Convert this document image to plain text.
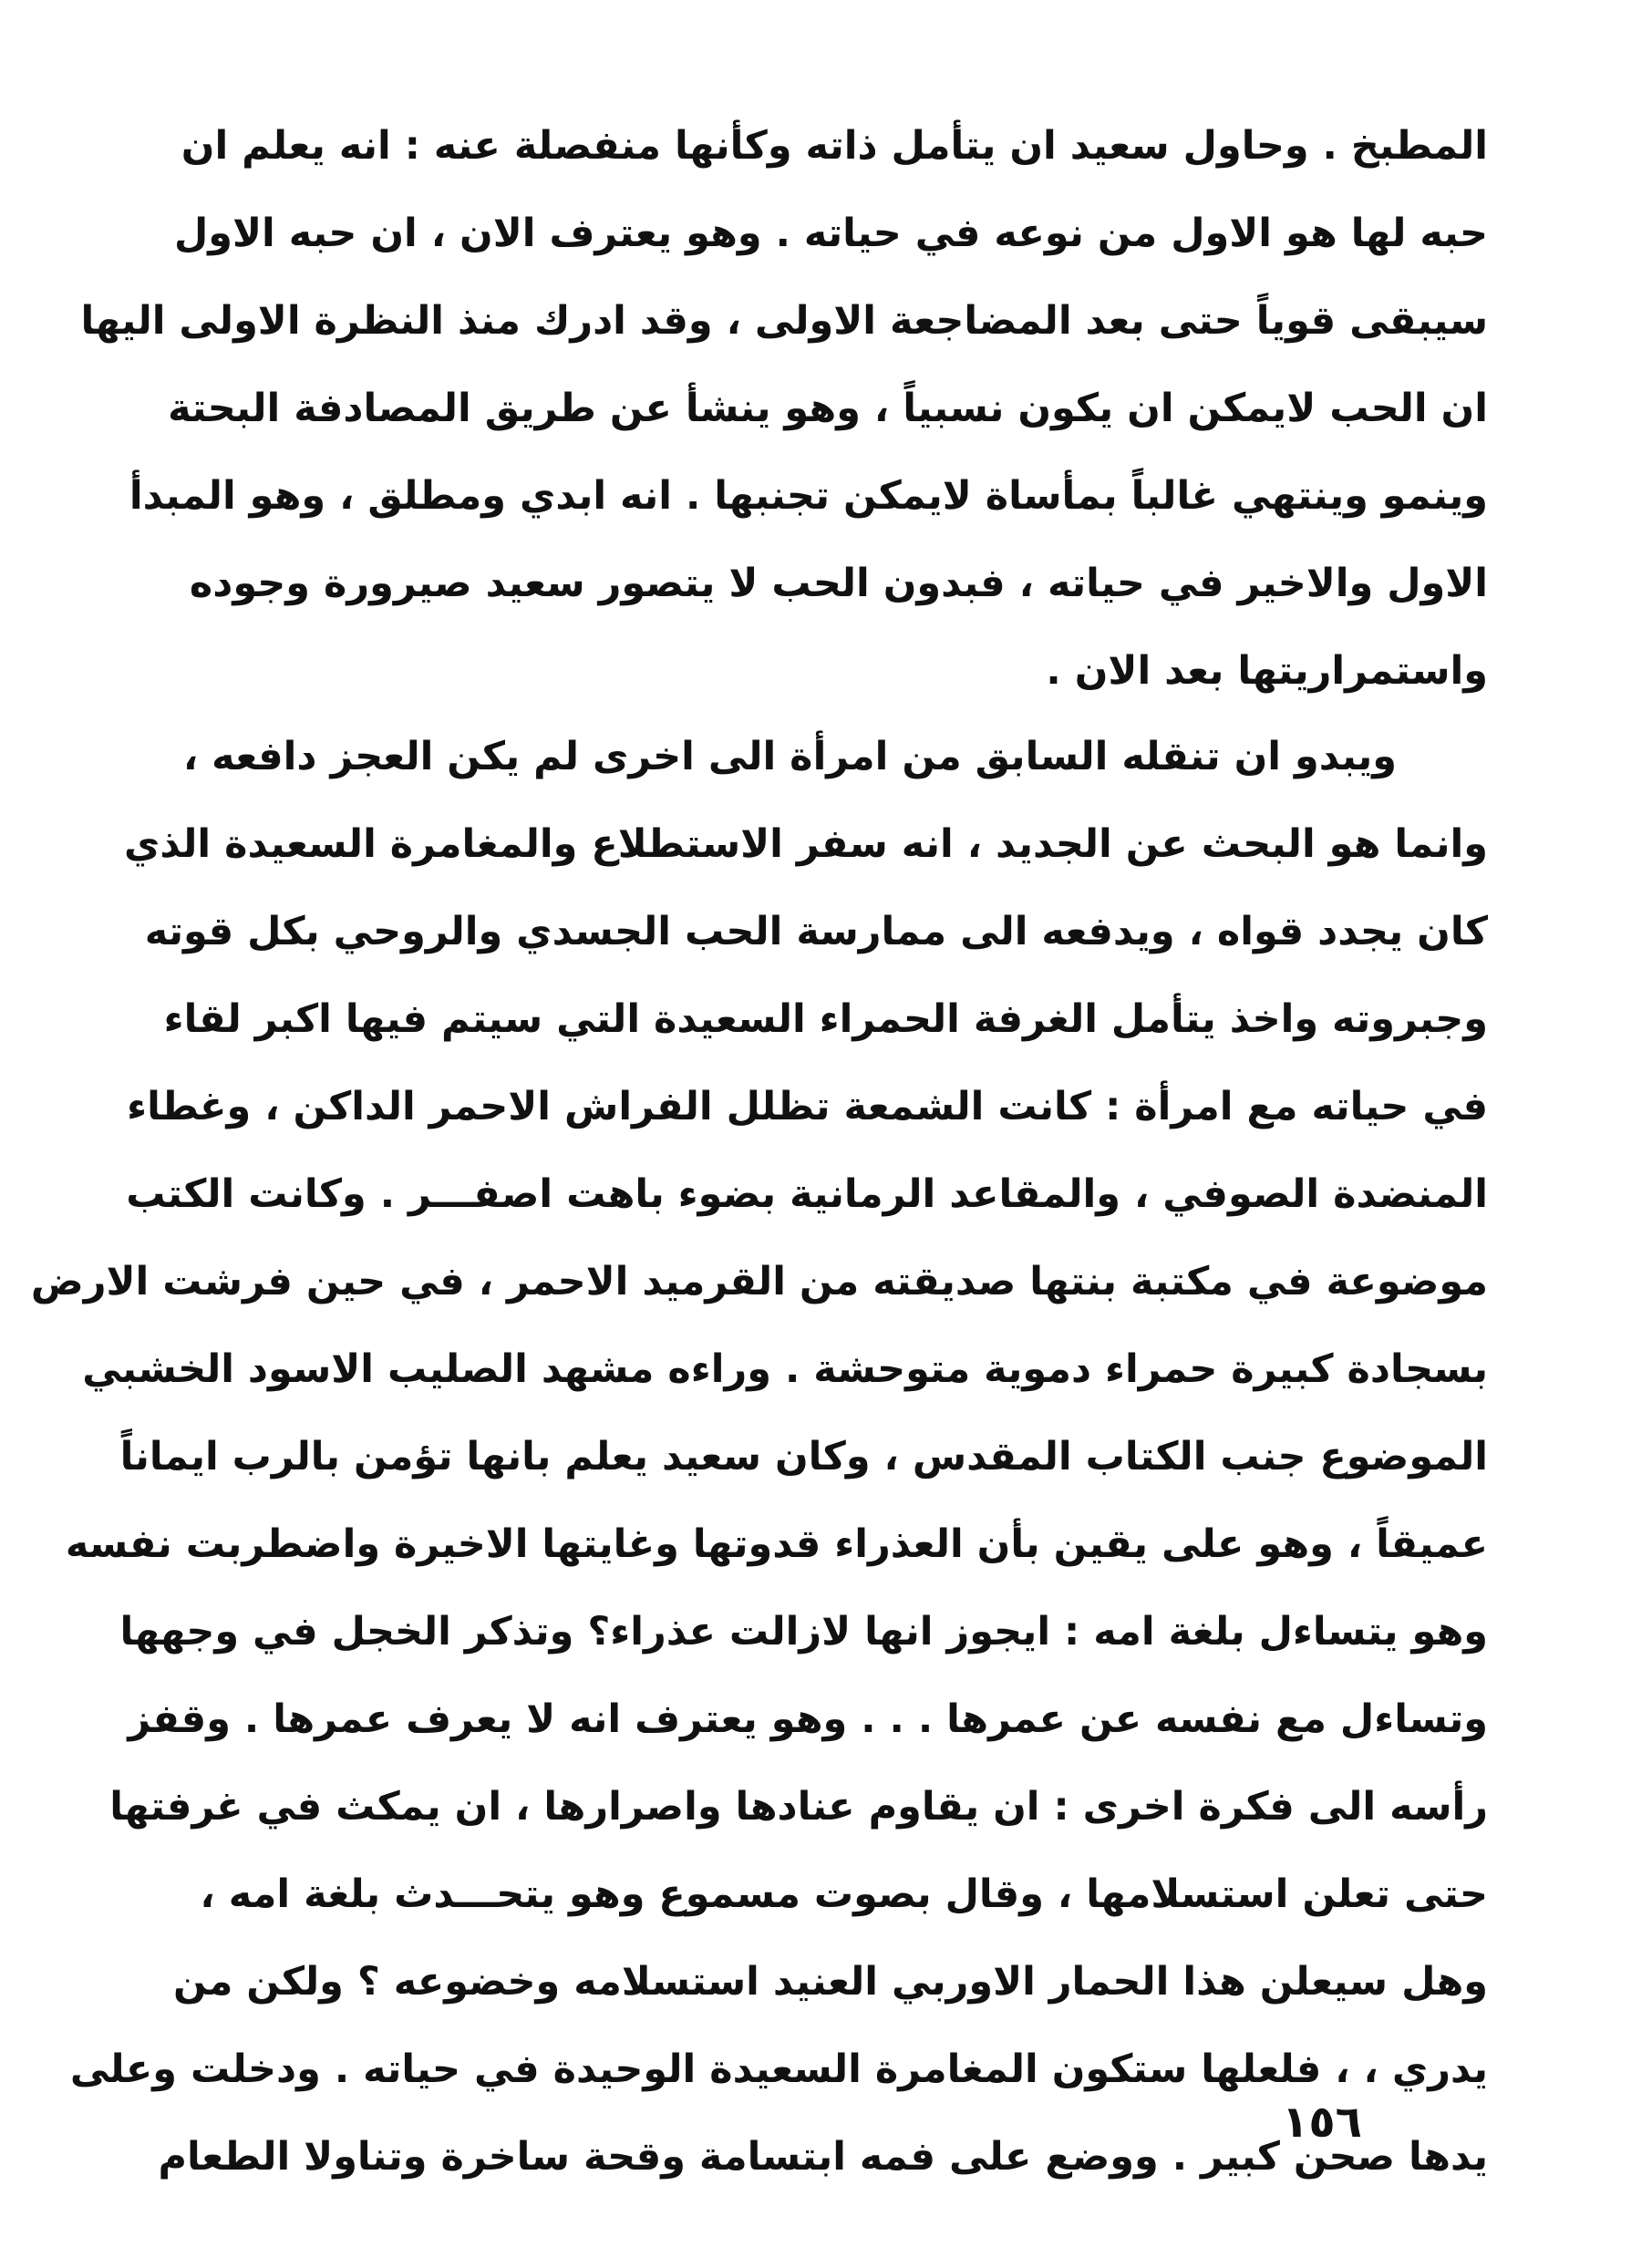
المطبخ . وحاول سعيد ان يتأمل ذاته وكأنها منفصلة عنه : انه يعلم ان
حبه لها هو الاول من نوعه في حياته . وهو يعترف الان ، ان حبه الاول
سيبقى قوياً حتى بعد المضاجعة الاولى ، وقد ادرك منذ النظرة الاولى اليها
ان الحب لايمكن ان يكون نسبياً ، وهو ينشأ عن طريق المصادفة البحتة
وينمو وينتهي غالباً بمأساة لايمكن تجنبها . انه ابدي ومطلق ، وهو المبدأ
الاول والاخير في حياته ، فبدون الحب لا يتصور سعيد صيرورة وجوده
واستمراريتها بعد الان .
ويبدو ان تنقله السابق من امرأة الى اخرى لم يكن العجز دافعه ،
وانما هو البحث عن الجديد ، انه سفر الاستطلاع والمغامرة السعيدة الذي
كان يجدد قواه ، ويدفعه الى ممارسة الحب الجسدي والروحي بكل قوته
وجبروته واخذ يتأمل الغرفة الحمراء السعيدة التي سيتم فيها اكبر لقاء
في حياته مع امرأة : كانت الشمعة تظلل الفراش الاحمر الداكن ، وغطاء
المنضدة الصوفي ، والمقاعد الرمانية بضوء باهت اصفـــر . وكانت الكتب
موضوعة في مكتبة بنتها صديقته من القرميد الاحمر ، في حين فرشت الارض
بسجادة كبيرة حمراء دموية متوحشة . وراءه مشهد الصليب الاسود الخشبي
الموضوع جنب الكتاب المقدس ، وكان سعيد يعلم بانها تؤمن بالرب ايماناً
عميقاً ، وهو على يقين بأن العذراء قدوتها وغايتها الاخيرة واضطربت نفسه
وهو يتساءل بلغة امه : ايجوز انها لازالت عذراء؟ وتذكر الخجل في وجهها
وتساءل مع نفسه عن عمرها . . . وهو يعترف انه لا يعرف عمرها . وقفز
رأسه الى فكرة اخرى : ان يقاوم عنادها واصرارها ، ان يمكث في غرفتها
حتى تعلن استسلامها ، وقال بصوت مسموع وهو يتحـــدث بلغة امه ،
وهل سيعلن هذا الحمار الاوربي العنيد استسلامه وخضوعه ؟ ولكن من
يدري ، ، فلعلها ستكون المغامرة السعيدة الوحيدة في حياته . ودخلت وعلى
يدها صحن كبير . ووضع على فمه ابتسامة وقحة ساخرة وتناولا الطعام
١٥٦
